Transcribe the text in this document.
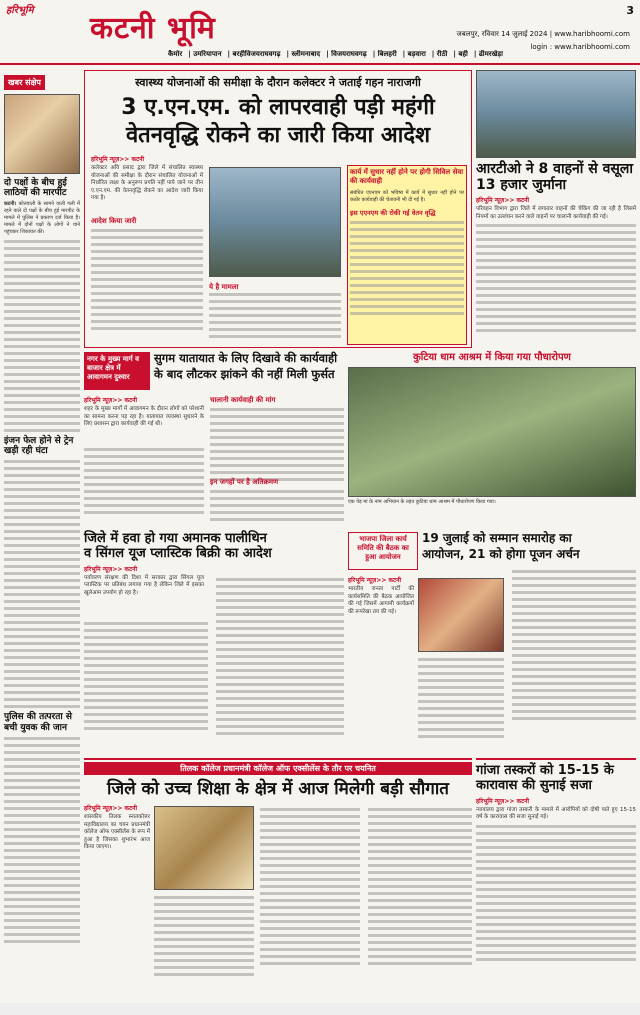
हरिभूमि
कटनी भूमि
3
जबलपुर, रविवार 14 जुलाई 2024 | www.haribhoomi.com
login : www.haribhoomi.com
कैमोर | उमरियापान | बरहीविजयराघवगढ़ | स्लीमनाबाद | विजयराघवगढ़ | बिलहरी | बड़वारा | रीठी | बही | ढीमरखेड़ा
खबर संक्षेप
दो पक्षों के बीच हुई लाठियों की मारपीट
कटनी। कोतवाली के सामने वाली गली में रहने वाले दो पक्षों के बीच हुई मारपीट के मामले में पुलिस ने प्रकरण दर्ज किया है। मामले में दोनों पक्षों के लोगों ने थाने पहुंचकर शिकायत की।
इंजन फेल होने से ट्रेन खड़ी रही घंटा
पुलिस की तत्परता से बची युवक की जान
स्वास्थ्य योजनाओं की समीक्षा के दौरान कलेक्टर ने जताई गहन नाराजगी
3 ए.एन.एम. को लापरवाही पड़ी महंगी
वेतनवृद्धि रोकने का जारी किया आदेश
हरिभूमि न्यूज़>> कटनी
कलेक्टर अवि प्रसाद द्वारा जिले में संचालित स्वास्थ्य योजनाओं की समीक्षा के दौरान संचालित योजनाओं में निर्धारित लक्ष्य के अनुरूप प्रगति नहीं पाये जाने पर तीन ए.एन.एम. की वेतनवृद्धि रोकने का आदेश जारी किया गया है।
आदेश किया जारी
ये है मामला
कार्य में सुधार नहीं होने पर होगी सिविल सेवा की कार्यवाही
संबंधित एएनएम को भविष्य में कार्य में सुधार नहीं होने पर कठोर कार्यवाही की चेतावनी भी दी गई है।
इस एएनएम की रोकी गई वेतन वृद्धि
आरटीओ ने 8 वाहनों से वसूला 13 हजार जुर्माना
हरिभूमि न्यूज़>> कटनी
परिवहन विभाग द्वारा जिले में लगातार वाहनों की चेकिंग की जा रही है जिसमें नियमों का उल्लंघन करने वाले वाहनों पर चालानी कार्यवाही की गई।
नगर के मुख्य मार्ग व बाजार क्षेत्र में आवागमन दुश्वार
सुगम यातायात के लिए दिखावे की कार्यवाही
के बाद लौटकर झांकने की नहीं मिली फुर्सत
हरिभूमि न्यूज़>> कटनी
शहर के मुख्य मार्गों में आवागमन के दौरान लोगों को परेशानी का सामना करना पड़ रहा है। यातायात व्यवस्था सुधारने के लिए प्रशासन द्वारा कार्यवाही की गई थी।
चालानी कार्यवाही की मांग
इन जगहों पर है अतिक्रमण
कुटिया धाम आश्रम में किया गया पौधारोपण
एक पेड़ मां के नाम अभियान के तहत कुटिया धाम आश्रम में पौधारोपण किया गया।
जिले में हवा हो गया अमानक पालीथिन
व सिंगल यूज प्लास्टिक बिक्री का आदेश
हरिभूमि न्यूज़>> कटनी
पर्यावरण संरक्षण की दिशा में सरकार द्वारा सिंगल यूज प्लास्टिक पर प्रतिबंध लगाया गया है लेकिन जिले में इसका खुलेआम उपयोग हो रहा है।
भाजपा जिला कार्य समिति की बैठक का हुआ आयोजन
19 जुलाई को सम्मान समारोह का
आयोजन, 21 को होगा पूजन अर्चन
हरिभूमि न्यूज़>> कटनी
भारतीय जनता पार्टी की कार्यसमिति की बैठक आयोजित की गई जिसमें आगामी कार्यक्रमों की रूपरेखा तय की गई।
तिलक कॉलेज प्रधानमंत्री कॉलेज ऑफ एक्सीलेंस के तौर पर चयनित
जिले को उच्च शिक्षा के क्षेत्र में आज मिलेगी बड़ी सौगात
हरिभूमि न्यूज़>> कटनी
शासकीय तिलक स्नातकोत्तर महाविद्यालय का चयन प्रधानमंत्री कॉलेज ऑफ एक्सीलेंस के रूप में हुआ है जिसका शुभारंभ आज किया जाएगा।
गांजा तस्करों को 15-15 के
कारावास की सुनाई सजा
हरिभूमि न्यूज़>> कटनी
न्यायालय द्वारा गांजा तस्करी के मामले में आरोपियों को दोषी पाते हुए 15-15 वर्ष के कारावास की सजा सुनाई गई।
